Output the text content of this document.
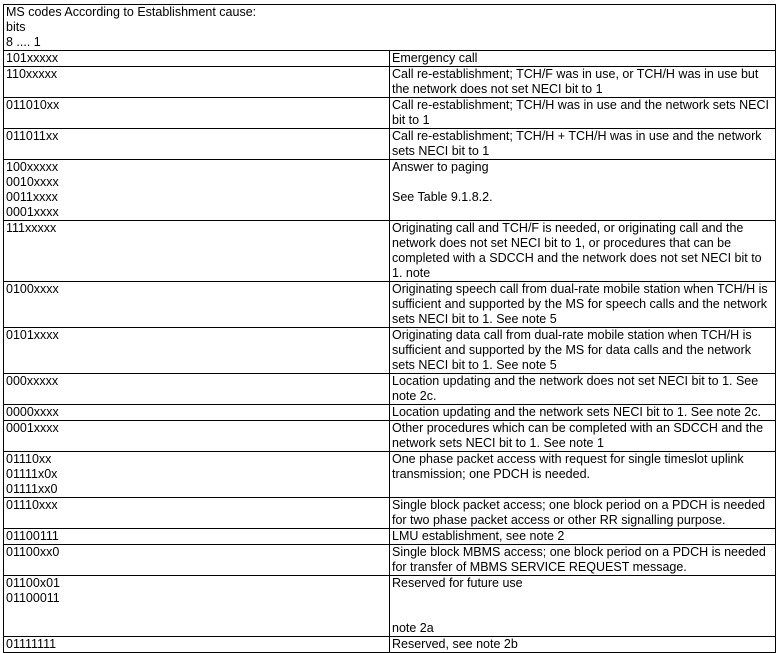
MS codes According to Establishment cause:
bits
8 .... 1	

101xxxxx	Emergency call

110xxxxx	Call re-establishment; TCH/F was in use, or TCH/H was in use but the network does not set NECI bit to 1

011010xx	Call re-establishment; TCH/H was in use and the network sets NECI bit to 1

011011xx	Call re-establishment; TCH/H + TCH/H was in use and the network sets NECI bit to 1

100xxxxx
0010xxxx
0011xxxx
0001xxxx	Answer to paging
See Table 9.1.8.2.

111xxxxx	Originating call and TCH/F is needed, or originating call and the network does not set NECI bit to 1, or procedures that can be completed with a SDCCH and the network does not set NECI bit to 1. note

0100xxxx	Originating speech call from dual-rate mobile station when TCH/H is sufficient and supported by the MS for speech calls and the network sets NECI bit to 1. See note 5

0101xxxx	Originating data call from dual-rate mobile station when TCH/H is sufficient and supported by the MS for data calls and the network sets NECI bit to 1. See note 5

000xxxxx	Location updating and the network does not set NECI bit to 1. See note 2c.

0000xxxx	Location updating and the network sets NECI bit to 1. See note 2c.

0001xxxx	Other procedures which can be completed with an SDCCH and the network sets NECI bit to 1. See note 1

01110xx
01111x0x
01111xx0	One phase packet access with request for single timeslot uplink transmission; one PDCH is needed.

01110xxx	Single block packet access; one block period on a PDCH is needed for two phase packet access or other RR signalling purpose.

01100111	LMU establishment, see note 2

01100xx0	Single block MBMS access; one block period on a PDCH is needed for transfer of MBMS SERVICE REQUEST message.

01100x01
01100011	Reserved for future use
note 2a

01111111	Reserved, see note 2b
